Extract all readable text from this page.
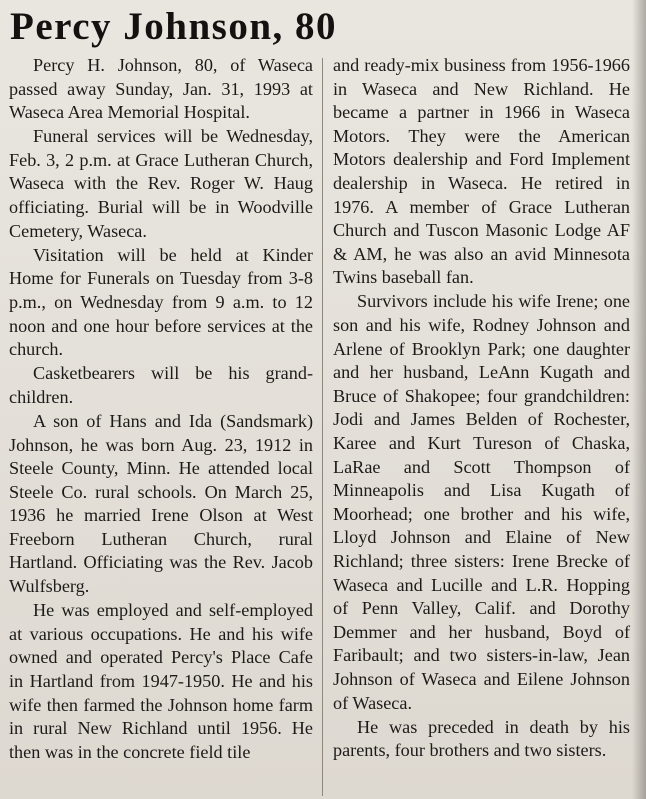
Percy Johnson, 80

Percy H. Johnson, 80, of Waseca passed away Sunday, Jan. 31, 1993 at Waseca Area Memorial Hospital.

Funeral services will be Wednesday, Feb. 3, 2 p.m. at Grace Lutheran Church, Waseca with the Rev. Roger W. Haug officiating. Burial will be in Woodville Cemetery, Waseca.

Visitation will be held at Kinder Home for Funerals on Tuesday from 3-8 p.m., on Wednesday from 9 a.m. to 12 noon and one hour before services at the church.

Casketbearers will be his grandchildren.

A son of Hans and Ida (Sandsmark) Johnson, he was born Aug. 23, 1912 in Steele County, Minn. He attended local Steele Co. rural schools. On March 25, 1936 he married Irene Olson at West Freeborn Lutheran Church, rural Hartland. Officiating was the Rev. Jacob Wulfsberg.

He was employed and self-employed at various occupations. He and his wife owned and operated Percy's Place Cafe in Hartland from 1947-1950. He and his wife then farmed the Johnson home farm in rural New Richland until 1956. He then was in the concrete field tile

and ready-mix business from 1956-1966 in Waseca and New Richland. He became a partner in 1966 in Waseca Motors. They were the American Motors dealership and Ford Implement dealership in Waseca. He retired in 1976. A member of Grace Lutheran Church and Tuscon Masonic Lodge AF & AM, he was also an avid Minnesota Twins baseball fan.

Survivors include his wife Irene; one son and his wife, Rodney Johnson and Arlene of Brooklyn Park; one daughter and her husband, LeAnn Kugath and Bruce of Shakopee; four grandchildren: Jodi and James Belden of Rochester, Karee and Kurt Tureson of Chaska, LaRae and Scott Thompson of Minneapolis and Lisa Kugath of Moorhead; one brother and his wife, Lloyd Johnson and Elaine of New Richland; three sisters: Irene Brecke of Waseca and Lucille and L.R. Hopping of Penn Valley, Calif. and Dorothy Demmer and her husband, Boyd of Faribault; and two sisters-in-law, Jean Johnson of Waseca and Eilene Johnson of Waseca.

He was preceded in death by his parents, four brothers and two sisters.
